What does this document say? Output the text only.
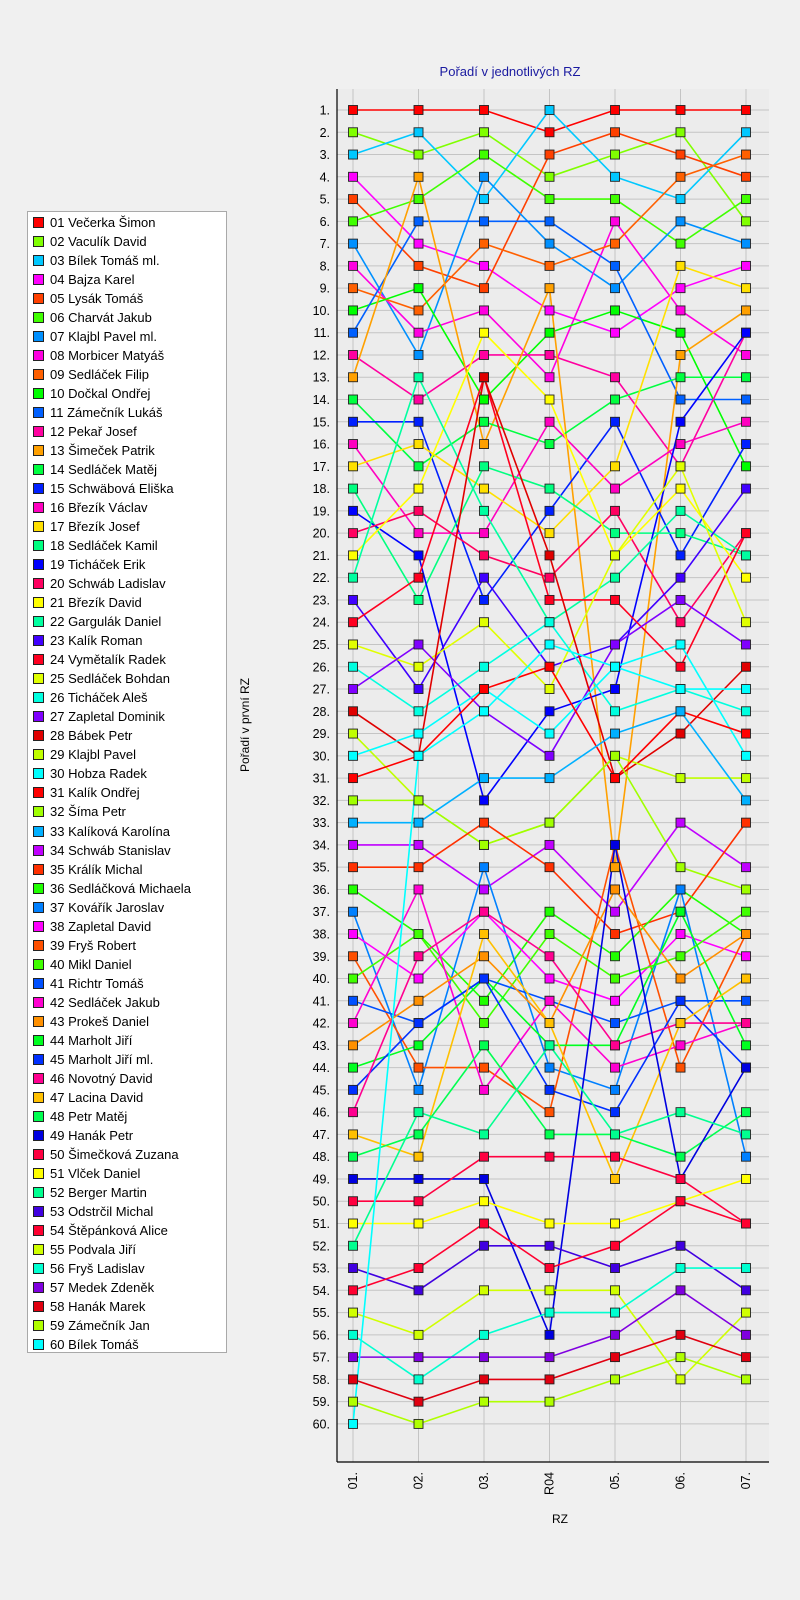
Pořadí v jednotlivých RZ
1.
2.
3.
4.
5.
6.
7.
8.
9.
10.
11.
12.
13.
14.
15.
16.
17.
18.
19.
20.
21.
22.
23.
24.
25.
26.
27.
28.
29.
30.
31.
32.
33.
34.
35.
36.
37.
38.
39.
40.
41.
42.
43.
44.
45.
46.
47.
48.
49.
50.
51.
52.
53.
54.
55.
56.
57.
58.
59.
60.
01.	02.	03.	R04	05.	06.	07.
Pořadí v první RZ
RZ
01 Večerka Šimon
02 Vaculík David
03 Bílek Tomáš ml.
04 Bajza Karel
05 Lysák Tomáš
06 Charvát Jakub
07 Klajbl Pavel ml.
08 Morbicer Matyáš
09 Sedláček Filip
10 Dočkal Ondřej
11 Zámečník Lukáš
12 Pekař Josef
13 Šimeček Patrik
14 Sedláček Matěj
15 Schwäbová Eliška
16 Březík Václav
17 Březík Josef
18 Sedláček Kamil
19 Ticháček Erik
20 Schwáb Ladislav
21 Březík David
22 Gargulák Daniel
23 Kalík Roman
24 Vymětalík Radek
25 Sedláček Bohdan
26 Ticháček Aleš
27 Zapletal Dominik
28 Bábek Petr
29 Klajbl Pavel
30 Hobza Radek
31 Kalík Ondřej
32 Šíma Petr
33 Kalíková Karolína
34 Schwáb Stanislav
35 Králík Michal
36 Sedláčková Michaela
37 Kovářík Jaroslav
38 Zapletal David
39 Fryš Robert
40 Mikl Daniel
41 Richtr Tomáš
42 Sedláček Jakub
43 Prokeš Daniel
44 Marholt Jiří
45 Marholt Jiří ml.
46 Novotný David
47 Lacina David
48 Petr Matěj
49 Hanák Petr
50 Šimečková Zuzana
51 Vlček Daniel
52 Berger Martin
53 Odstrčil Michal
54 Štěpánková Alice
55 Podvala Jiří
56 Fryš Ladislav
57 Medek Zdeněk
58 Hanák Marek
59 Zámečník Jan
60 Bílek Tomáš
